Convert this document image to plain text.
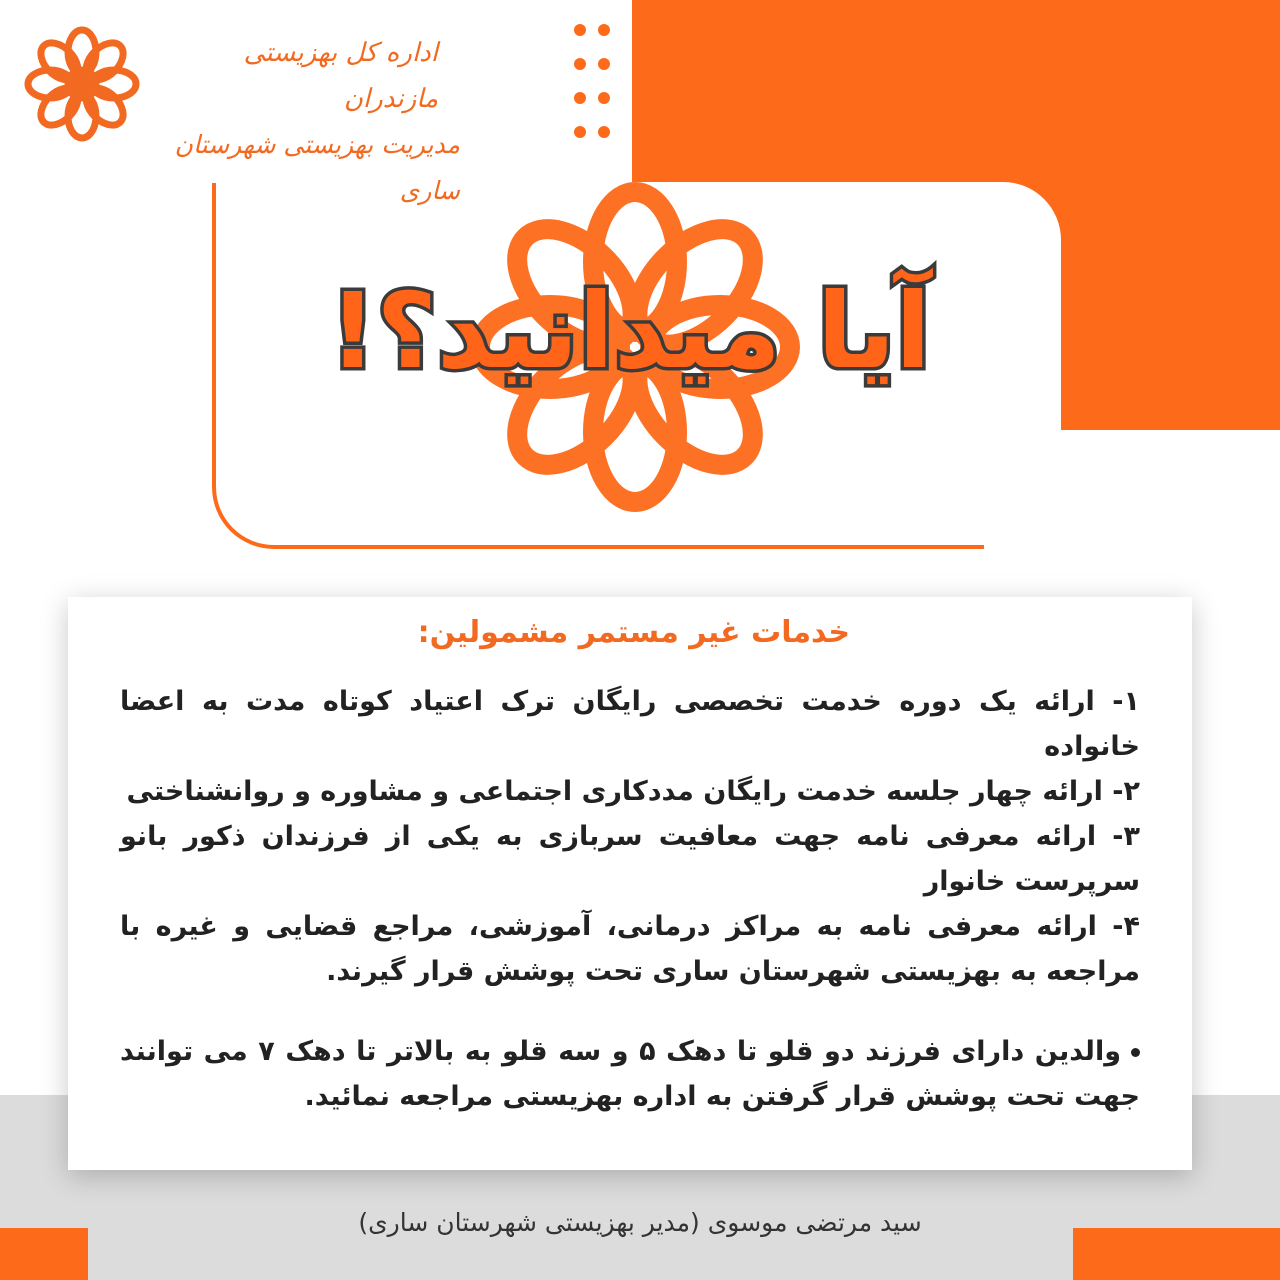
اداره کل بهزیستی مازندران
مدیریت بهزیستی شهرستان ساری
آیا میدانید؟!
خدمات غیر مستمر مشمولین:

۱- ارائه یک دوره خدمت تخصصی رایگان ترک اعتیاد کوتاه مدت به اعضا خانواده

۲- ارائه چهار جلسه خدمت رایگان مددکاری اجتماعی و مشاوره و روانشناختی

۳- ارائه معرفی نامه جهت معافیت سربازی به یکی از فرزندان ذکور بانو سرپرست خانوار

۴- ارائه معرفی نامه به مراکز درمانی، آموزشی، مراجع قضایی و غیره با مراجعه به بهزیستی شهرستان ساری تحت پوشش قرار گیرند.

والدین دارای فرزند دو قلو تا دهک ۵ و سه قلو به بالاتر تا دهک ۷ می توانند جهت تحت پوشش قرار گرفتن به اداره بهزیستی مراجعه نمائید.
سید مرتضی موسوی (مدیر بهزیستی شهرستان ساری)
